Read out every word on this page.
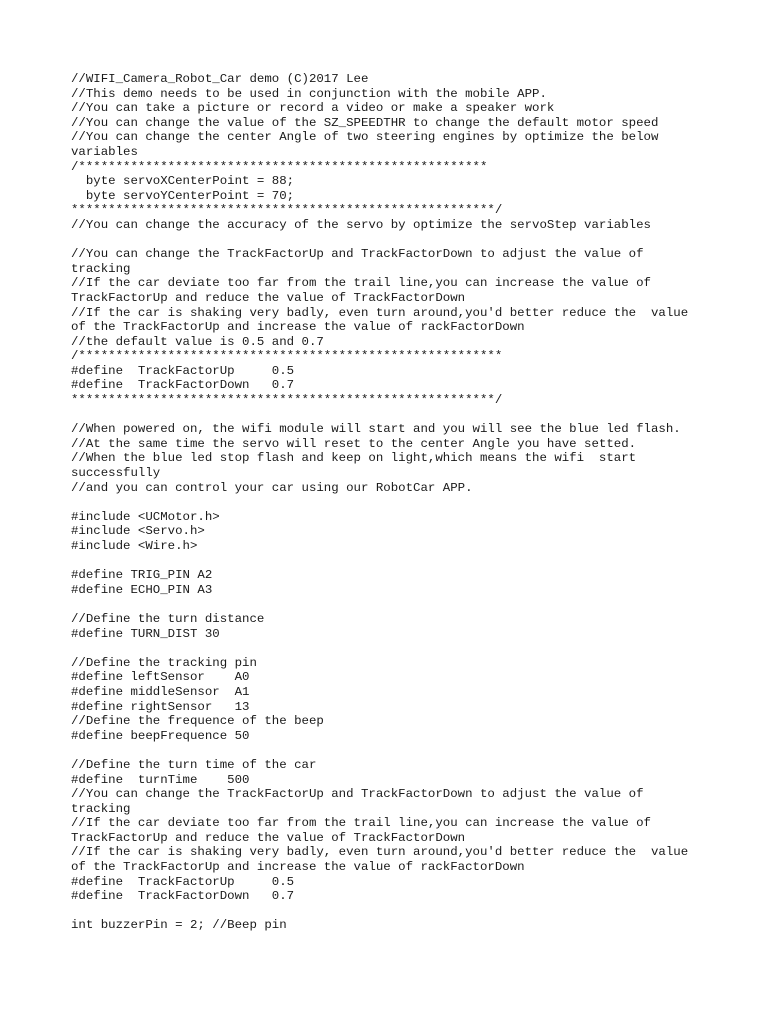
//WIFI_Camera_Robot_Car demo (C)2017 Lee
//This demo needs to be used in conjunction with the mobile APP.
//You can take a picture or record a video or make a speaker work
//You can change the value of the SZ_SPEEDTHR to change the default motor speed
//You can change the center Angle of two steering engines by optimize the below
variables
/*******************************************************
byte servoXCenterPoint = 88;
byte servoYCenterPoint = 70;
*********************************************************/
//You can change the accuracy of the servo by optimize the servoStep variables
//You can change the TrackFactorUp and TrackFactorDown to adjust the value of
tracking
//If the car deviate too far from the trail line,you can increase the value of
TrackFactorUp and reduce the value of TrackFactorDown
//If the car is shaking very badly, even turn around,you'd better reduce the  value
of the TrackFactorUp and increase the value of rackFactorDown
//the default value is 0.5 and 0.7
/*********************************************************
#define  TrackFactorUp     0.5
#define  TrackFactorDown   0.7
*********************************************************/
//When powered on, the wifi module will start and you will see the blue led flash.
//At the same time the servo will reset to the center Angle you have setted.
//When the blue led stop flash and keep on light,which means the wifi  start
successfully
//and you can control your car using our RobotCar APP.
#include <UCMotor.h>
#include <Servo.h>
#include <Wire.h>
#define TRIG_PIN A2
#define ECHO_PIN A3
//Define the turn distance
#define TURN_DIST 30
//Define the tracking pin
#define leftSensor    A0
#define middleSensor  A1
#define rightSensor   13
//Define the frequence of the beep
#define beepFrequence 50
//Define the turn time of the car
#define  turnTime    500
//You can change the TrackFactorUp and TrackFactorDown to adjust the value of
tracking
//If the car deviate too far from the trail line,you can increase the value of
TrackFactorUp and reduce the value of TrackFactorDown
//If the car is shaking very badly, even turn around,you'd better reduce the  value
of the TrackFactorUp and increase the value of rackFactorDown
#define  TrackFactorUp     0.5
#define  TrackFactorDown   0.7
int buzzerPin = 2; //Beep pin
